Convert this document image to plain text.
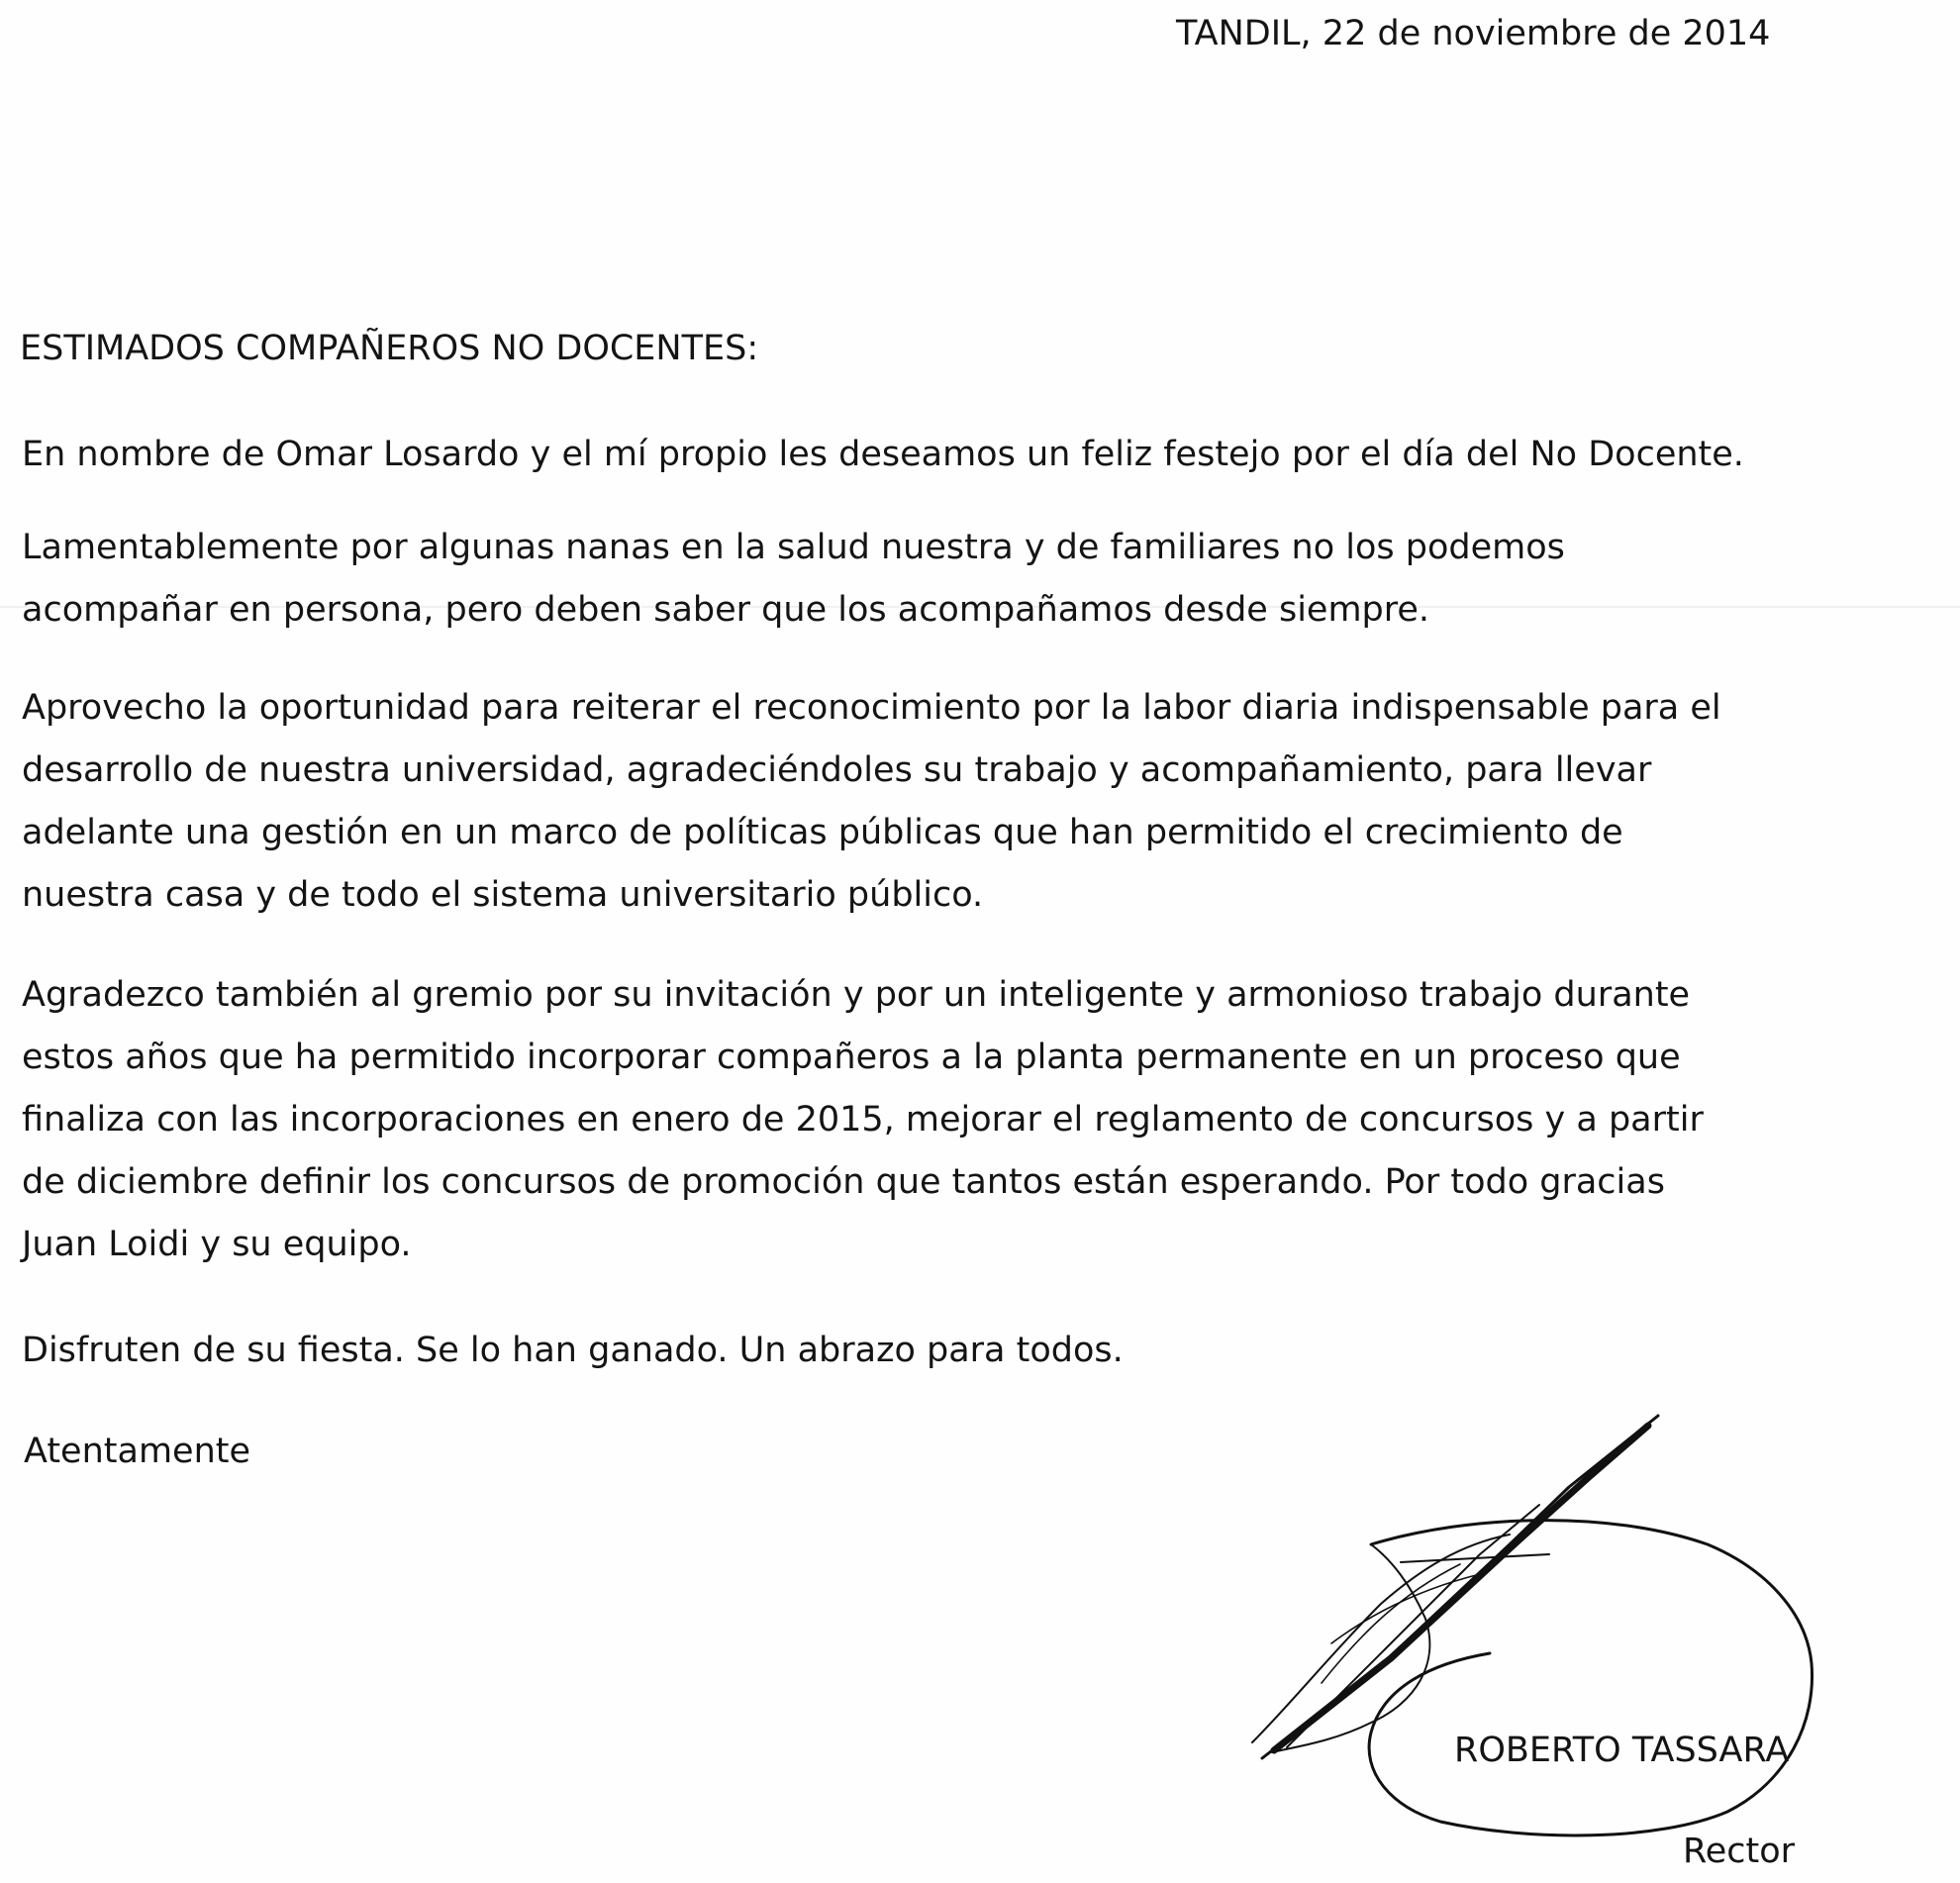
TANDIL, 22 de noviembre de 2014
ESTIMADOS COMPAÑEROS NO DOCENTES:
En nombre de Omar Losardo y el mí propio les deseamos un feliz festejo por el día del No Docente.
Lamentablemente por algunas nanas en la salud nuestra y de familiares no los podemos
acompañar en persona, pero deben saber que los acompañamos desde siempre.
Aprovecho la oportunidad para reiterar el reconocimiento por la labor diaria indispensable para el
desarrollo de nuestra universidad, agradeciéndoles su trabajo y acompañamiento, para llevar
adelante una gestión en un marco de políticas públicas que han permitido el crecimiento de
nuestra casa y de todo el sistema universitario público.
Agradezco también al gremio por su invitación y por un inteligente y armonioso trabajo durante
estos años que ha permitido incorporar compañeros a la planta permanente en un proceso que
finaliza con las incorporaciones en enero de 2015, mejorar el reglamento de concursos y a partir
de diciembre definir los concursos de promoción que tantos están esperando. Por todo gracias
Juan Loidi y su equipo.
Disfruten de su fiesta. Se lo han ganado. Un abrazo para todos.
Atentamente
ROBERTO TASSARA
Rector
